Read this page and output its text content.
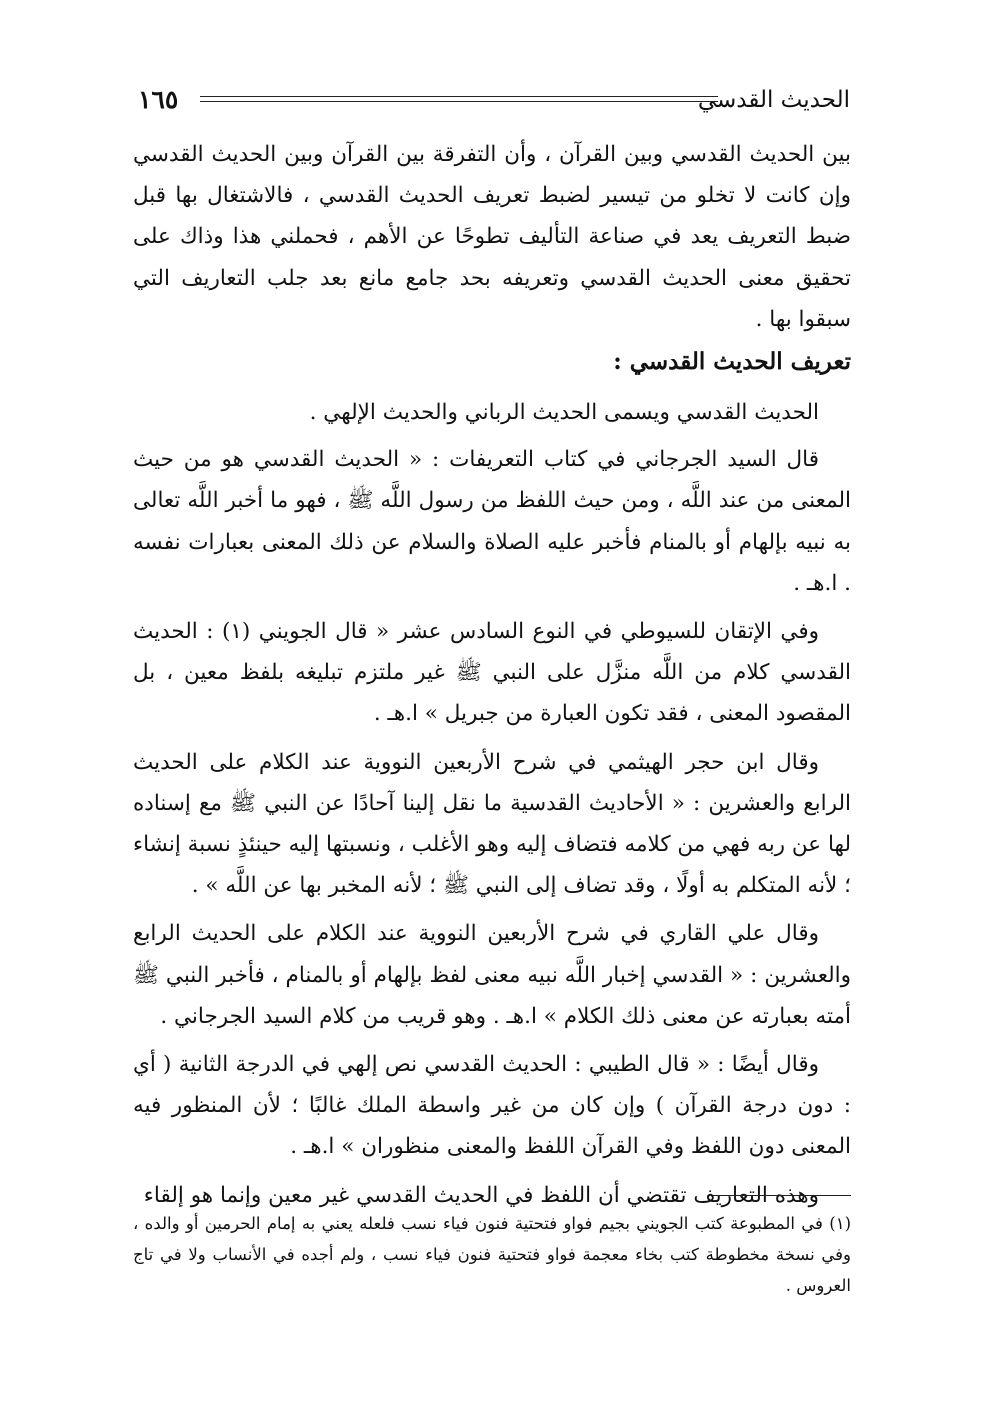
١٦٥	الحديث القدسي

بين الحديث القدسي وبين القرآن ، وأن التفرقة بين القرآن وبين الحديث القدسي وإن كانت لا تخلو من تيسير لضبط تعريف الحديث القدسي ، فالاشتغال بها قبل ضبط التعريف يعد في صناعة التأليف تطوحًا عن الأهم ، فحملني هذا وذاك على تحقيق معنى الحديث القدسي وتعريفه بحد جامع مانع بعد جلب التعاريف التي سبقوا بها .

تعريف الحديث القدسي :

الحديث القدسي ويسمى الحديث الرباني والحديث الإلهي .

قال السيد الجرجاني في كتاب التعريفات : « الحديث القدسي هو من حيث المعنى من عند اللَّه ، ومن حيث اللفظ من رسول اللَّه ﷺ ، فهو ما أخبر اللَّه تعالى به نبيه بإلهام أو بالمنام فأخبر عليه الصلاة والسلام عن ذلك المعنى بعبارات نفسه . ا.هـ .

وفي الإتقان للسيوطي في النوع السادس عشر « قال الجويني (١) : الحديث القدسي كلام من اللَّه منزَّل على النبي ﷺ غير ملتزم تبليغه بلفظ معين ، بل المقصود المعنى ، فقد تكون العبارة من جبريل » ا.هـ .

وقال ابن حجر الهيثمي في شرح الأربعين النووية عند الكلام على الحديث الرابع والعشرين : « الأحاديث القدسية ما نقل إلينا آحادًا عن النبي ﷺ مع إسناده لها عن ربه فهي من كلامه فتضاف إليه وهو الأغلب ، ونسبتها إليه حينئذٍ نسبة إنشاء ؛ لأنه المتكلم به أولًا ، وقد تضاف إلى النبي ﷺ ؛ لأنه المخبر بها عن اللَّه » .

وقال علي القاري في شرح الأربعين النووية عند الكلام على الحديث الرابع والعشرين : « القدسي إخبار اللَّه نبيه معنى لفظ بإلهام أو بالمنام ، فأخبر النبي ﷺ أمته بعبارته عن معنى ذلك الكلام » ا.هـ . وهو قريب من كلام السيد الجرجاني .

وقال أيضًا : « قال الطيبي : الحديث القدسي نص إلهي في الدرجة الثانية ( أي : دون درجة القرآن ) وإن كان من غير واسطة الملك غالبًا ؛ لأن المنظور فيه المعنى دون اللفظ وفي القرآن اللفظ والمعنى منظوران » ا.هـ .

وهذه التعاريف تقتضي أن اللفظ في الحديث القدسي غير معين وإنما هو إلقاء

(١) في المطبوعة كتب الجويني بجيم فواو فتحتية فنون فياء نسب فلعله يعني به إمام الحرمين أو والده ، وفي نسخة مخطوطة كتب بخاء معجمة فواو فتحتية فنون فياء نسب ، ولم أجده في الأنساب ولا في تاج العروس .
